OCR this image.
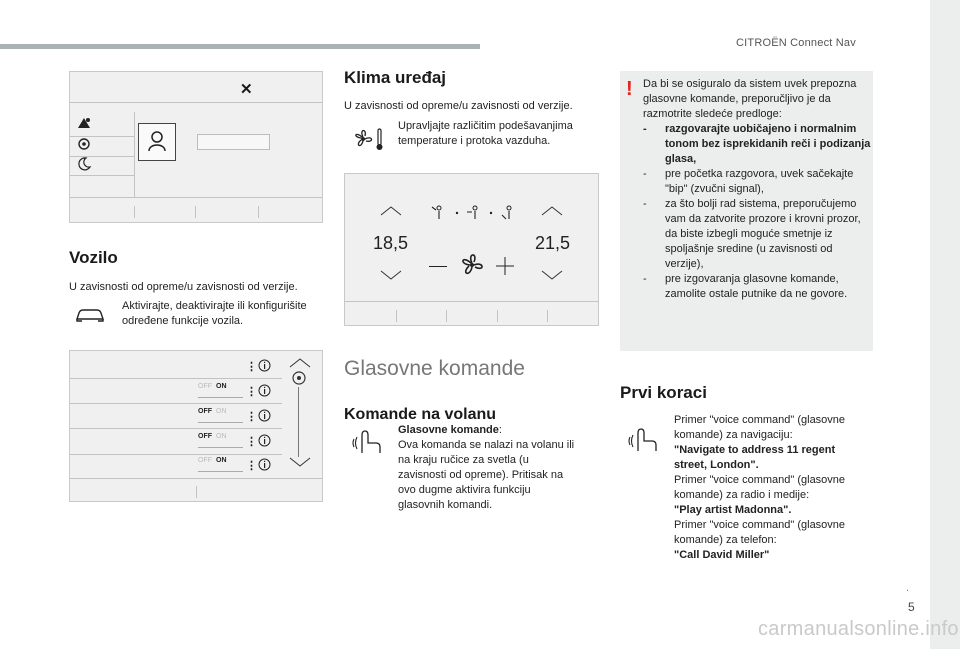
CITROËN Connect Nav
.
5
carmanualsonline.info
✕
Vozilo
U zavisnosti od opreme/u zavisnosti od verzije.
Aktivirajte, deaktivirajte ili konfigurišite određene funkcije vozila.
⋮
OFF ON	⋮
OFF ON	⋮
OFF ON	⋮
OFF ON	⋮
Klima uređaj
U zavisnosti od opreme/u zavisnosti od verzije.
Upravljajte različitim podešavanjima temperature i protoka vazduha.
18,5	21,5
Glasovne komande
Komande na volanu
Glasovne komande:
Ova komanda se nalazi na volanu ili na kraju ručice za svetla (u zavisnosti od opreme). Pritisak na ovo dugme aktivira funkciju glasovnih komandi.
! Da bi se osiguralo da sistem uvek prepozna glasovne komande, preporučljivo je da razmotrite sledeće predloge:
- razgovarajte uobičajeno i normalnim tonom bez isprekidanih reči i podizanja glasa,
- pre početka razgovora, uvek sačekajte "bip" (zvučni signal),
- za što bolji rad sistema, preporučujemo vam da zatvorite prozore i krovni prozor, da biste izbegli moguće smetnje iz spoljašnje sredine (u zavisnosti od verzije),
- pre izgovaranja glasovne komande, zamolite ostale putnike da ne govore.
Prvi koraci
Primer "voice command" (glasovne komande) za navigaciju:
"Navigate to address 11 regent street, London".
Primer "voice command" (glasovne komande) za radio i medije:
"Play artist Madonna".
Primer "voice command" (glasovne komande) za telefon:
"Call David Miller"
